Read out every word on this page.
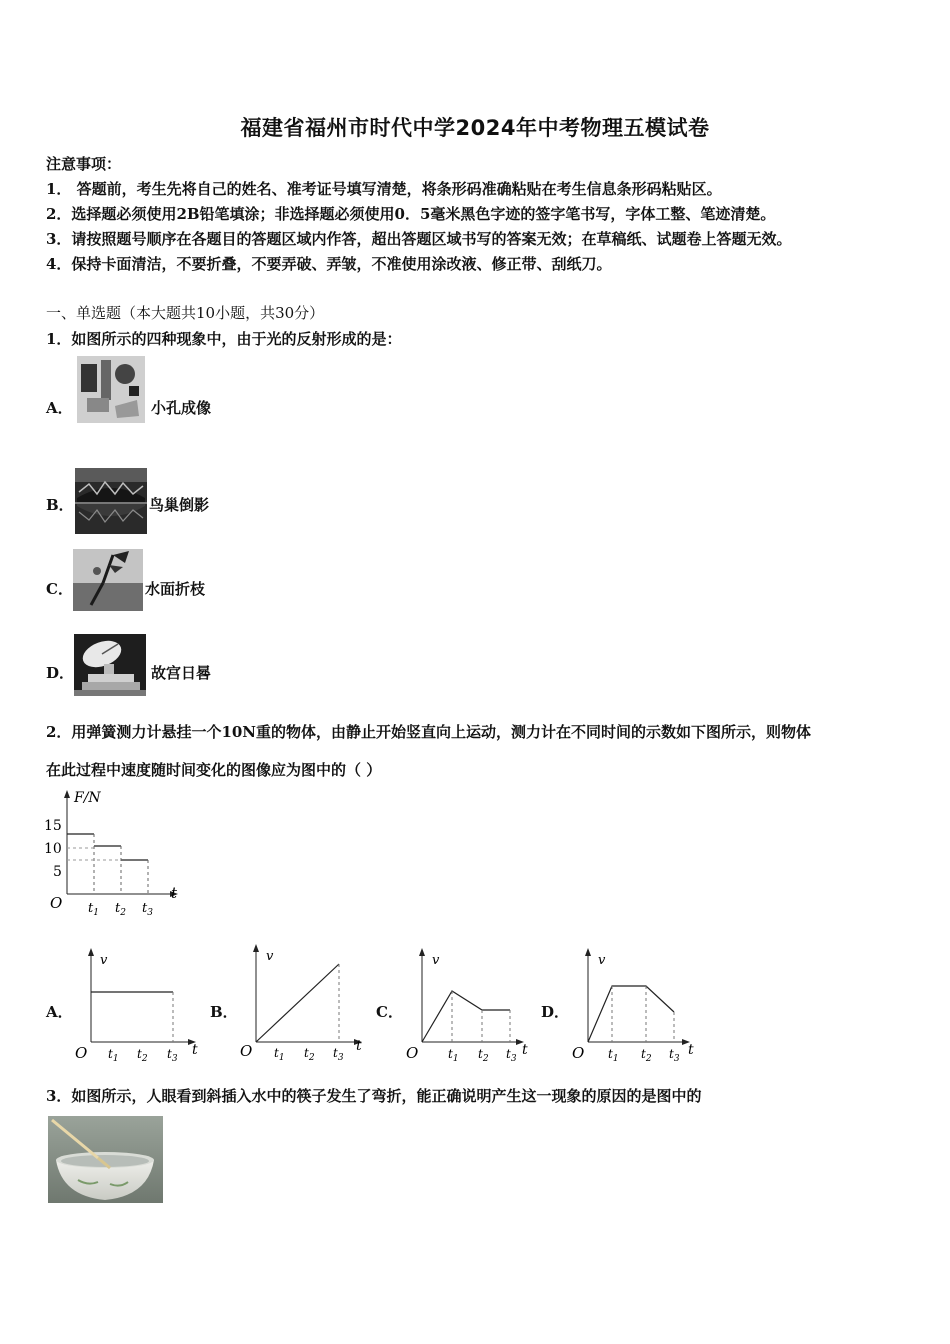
福建省福州市时代中学2024年中考物理五模试卷
注意事项：
1． 答题前，考生先将自己的姓名、准考证号填写清楚，将条形码准确粘贴在考生信息条形码粘贴区。
2．选择题必须使用2B铅笔填涂；非选择题必须使用0．5毫米黑色字迹的签字笔书写，字体工整、笔迹清楚。
3．请按照题号顺序在各题目的答题区域内作答，超出答题区域书写的答案无效；在草稿纸、试题卷上答题无效。
4．保持卡面清洁，不要折叠，不要弄破、弄皱，不准使用涂改液、修正带、刮纸刀。
一、单选题（本大题共10小题，共30分）
1．如图所示的四种现象中，由于光的反射形成的是：
A．	小孔成像
B．	鸟巢倒影
C．	水面折枝
D．	故宫日晷
2．用弹簧测力计悬挂一个10N重的物体，由静止开始竖直向上运动，测力计在不同时间的示数如下图所示，则物体
在此过程中速度随时间变化的图像应为图中的（ ）
F/N
15
10
5
O
t
$t_1$ $t_2$ $t_3$
A．	B．	C．	D．
v
O	t
$t_1$ $t_2$ $t_3$
v
O	t
$t_1$ $t_2$ $t_3$
v
O	t
$t_1$ $t_2$ $t_3$
v
O	t
$t_1$ $t_2$ $t_3$
3．如图所示，人眼看到斜插入水中的筷子发生了弯折，能正确说明产生这一现象的原因的是图中的
